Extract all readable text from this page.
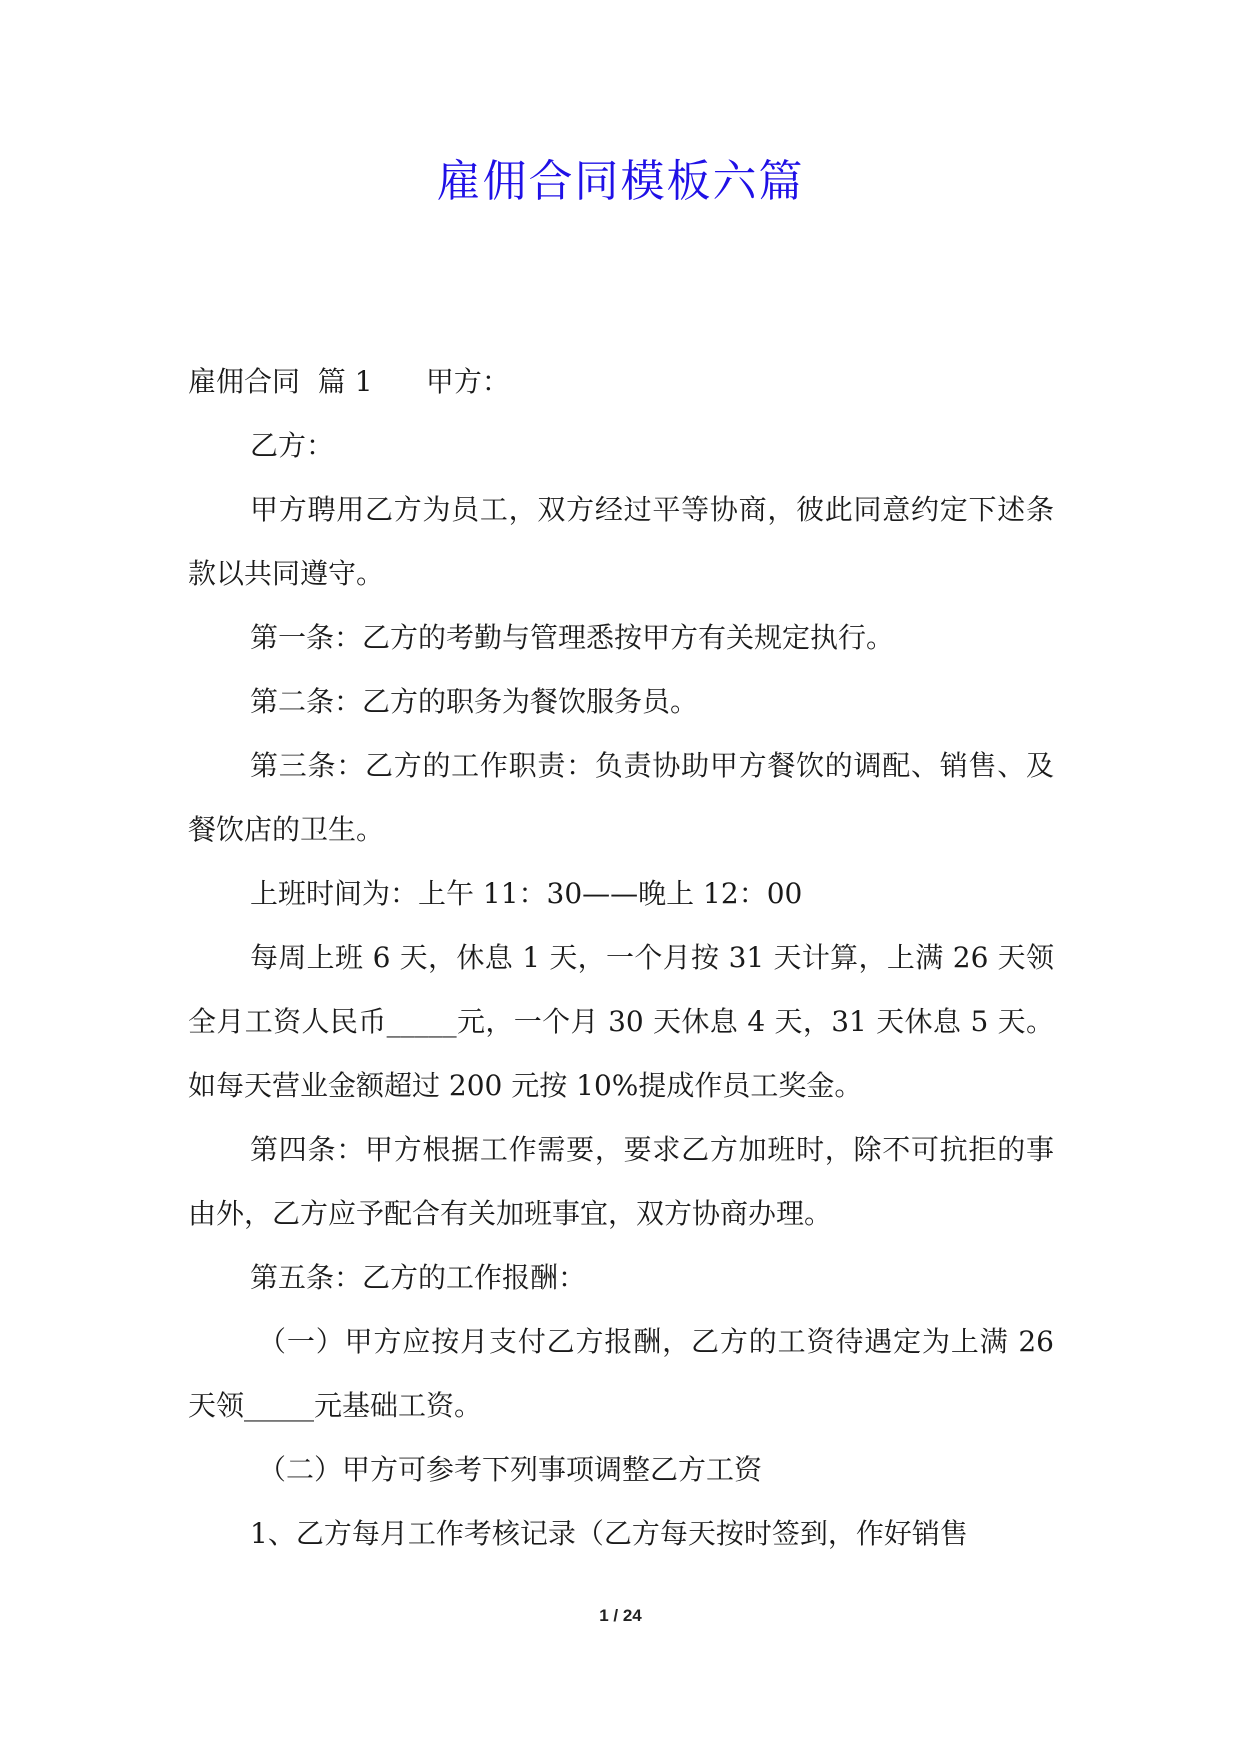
雇佣合同模板六篇

雇佣合同  篇 1      甲方：

乙方：

甲方聘用乙方为员工，双方经过平等协商，彼此同意约定下述条款以共同遵守。

第一条：乙方的考勤与管理悉按甲方有关规定执行。

第二条：乙方的职务为餐饮服务员。

第三条：乙方的工作职责：负责协助甲方餐饮的调配、销售、及餐饮店的卫生。

上班时间为：上午 11：30——晚上 12：00

每周上班 6 天，休息 1 天，一个月按 31 天计算，上满 26 天领全月工资人民币_____元，一个月 30 天休息 4 天，31 天休息 5 天。如每天营业金额超过 200 元按 10%提成作员工奖金。

第四条：甲方根据工作需要，要求乙方加班时，除不可抗拒的事由外，乙方应予配合有关加班事宜，双方协商办理。

第五条：乙方的工作报酬：

（一）甲方应按月支付乙方报酬，乙方的工资待遇定为上满 26 天领_____元基础工资。

（二）甲方可参考下列事项调整乙方工资

1、乙方每月工作考核记录（乙方每天按时签到，作好销售

1 / 24
